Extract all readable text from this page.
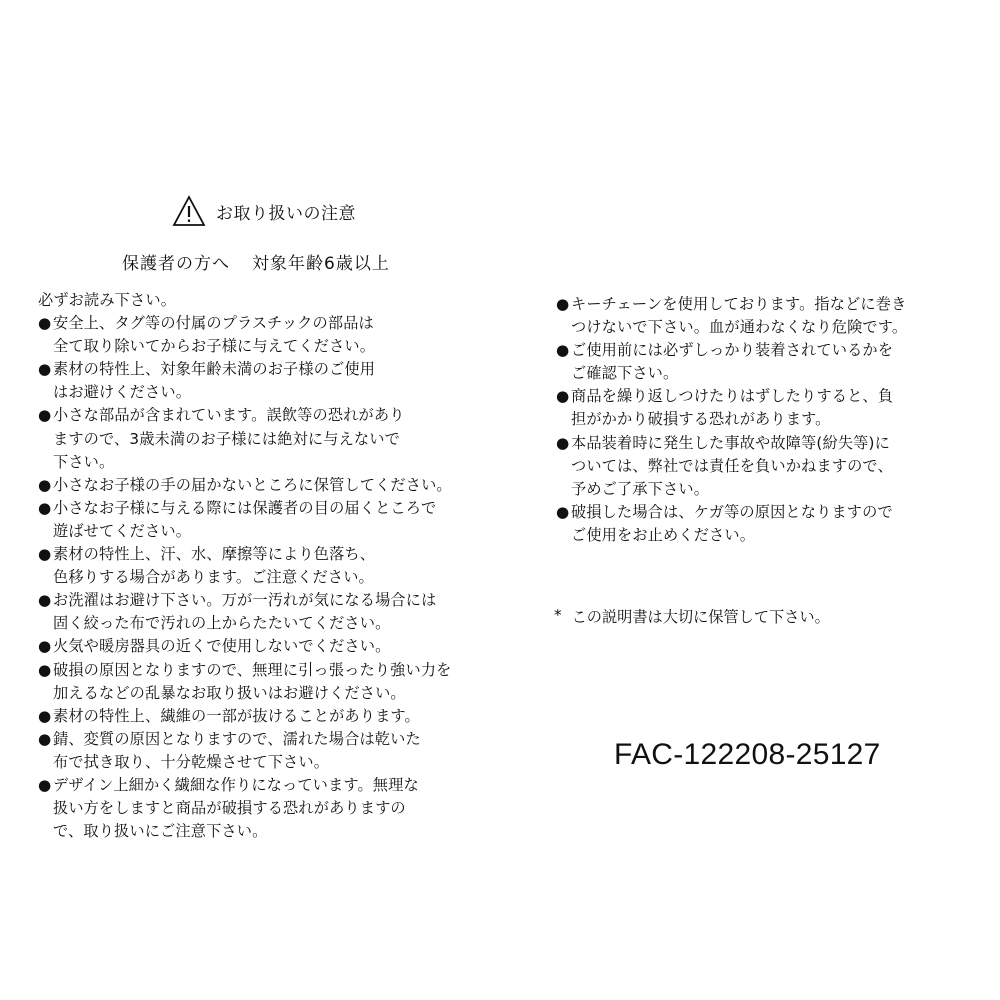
お取り扱いの注意
保護者の方へ 対象年齢6歳以上
必ずお読み下さい。
● 安全上、タグ等の付属のプラスチックの部品は
全て取り除いてからお子様に与えてください。
● 素材の特性上、対象年齢未満のお子様のご使用
はお避けください。
● 小さな部品が含まれています。誤飲等の恐れがあり
ますので、3歳未満のお子様には絶対に与えないで
下さい。
● 小さなお子様の手の届かないところに保管してください。
● 小さなお子様に与える際には保護者の目の届くところで
遊ばせてください。
● 素材の特性上、汗、水、摩擦等により色落ち、
色移りする場合があります。ご注意ください。
● お洗濯はお避け下さい。万が一汚れが気になる場合には
固く絞った布で汚れの上からたたいてください。
● 火気や暖房器具の近くで使用しないでください。
● 破損の原因となりますので、無理に引っ張ったり強い力を
加えるなどの乱暴なお取り扱いはお避けください。
● 素材の特性上、繊維の一部が抜けることがあります。
● 錆、変質の原因となりますので、濡れた場合は乾いた
布で拭き取り、十分乾燥させて下さい。
● デザイン上細かく繊細な作りになっています。無理な
扱い方をしますと商品が破損する恐れがありますの
で、取り扱いにご注意下さい。
● キーチェーンを使用しております。指などに巻き
つけないで下さい。血が通わなくなり危険です。
● ご使用前には必ずしっかり装着されているかを
ご確認下さい。
● 商品を繰り返しつけたりはずしたりすると、負
担がかかり破損する恐れがあります。
● 本品装着時に発生した事故や故障等(紛失等)に
ついては、弊社では責任を負いかねますので、
予めご了承下さい。
● 破損した場合は、ケガ等の原因となりますので
ご使用をお止めください。
* この説明書は大切に保管して下さい。
FAC-122208-25127
